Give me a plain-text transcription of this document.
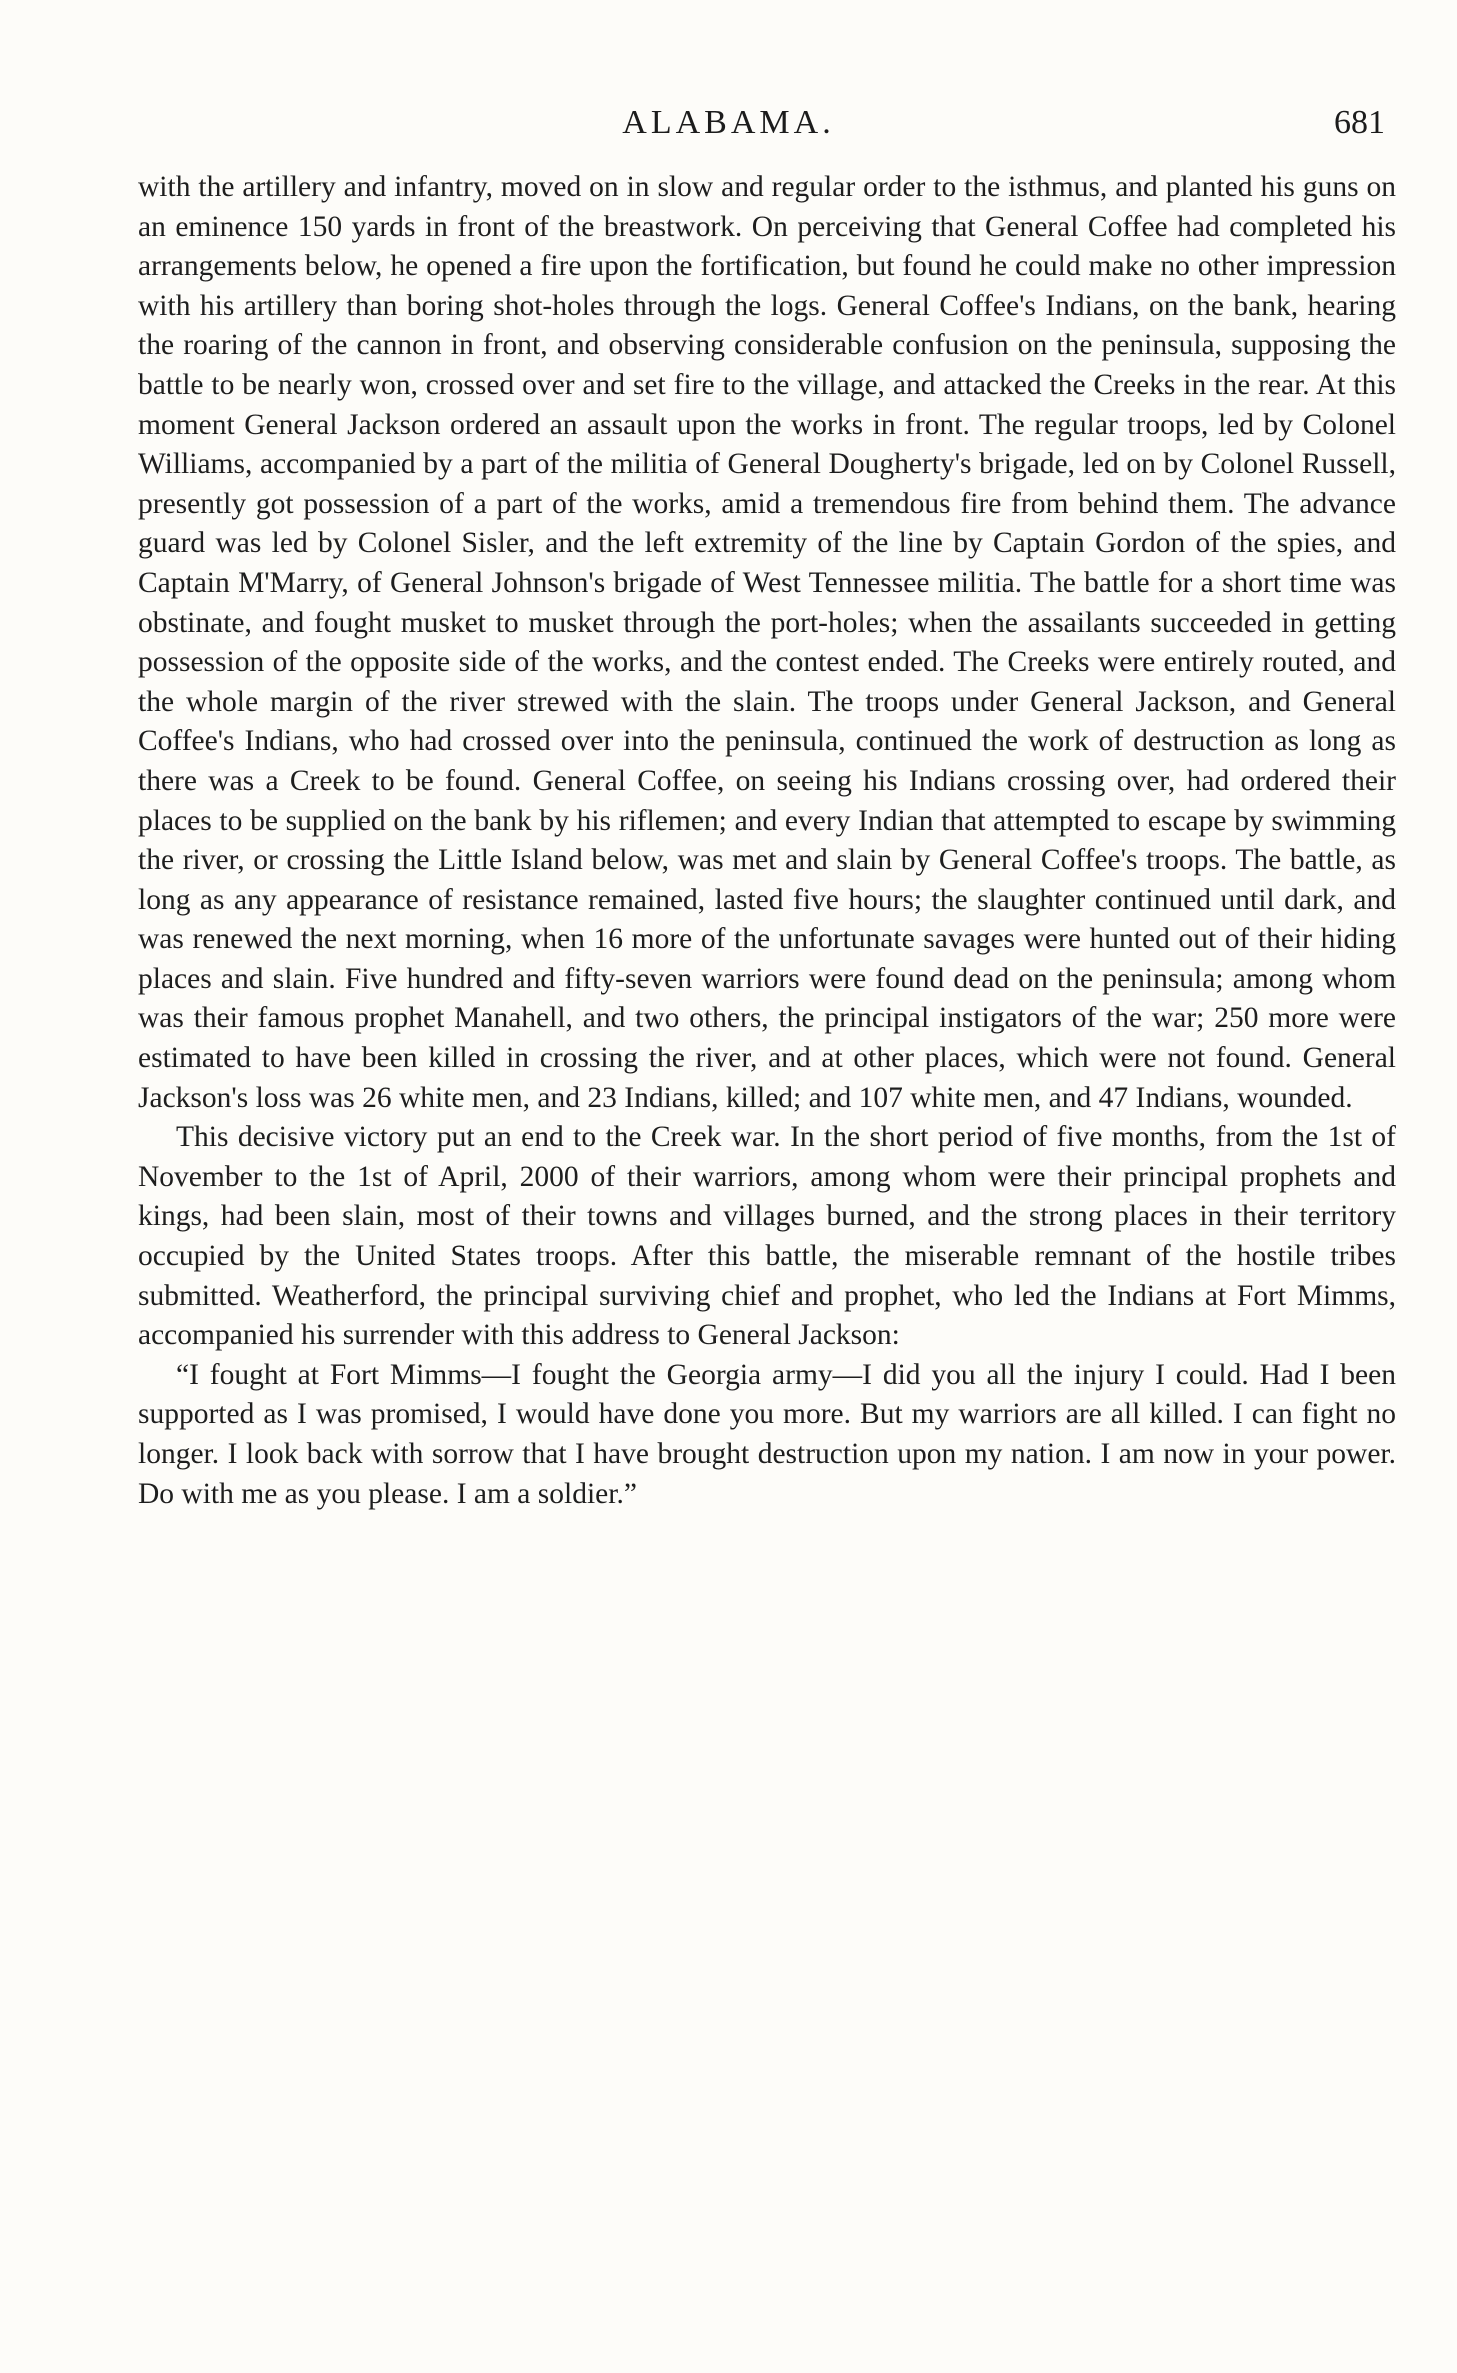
ALABAMA.	681

with the artillery and infantry, moved on in slow and regular order to the isthmus, and planted his guns on an eminence 150 yards in front of the breastwork. On perceiving that General Coffee had completed his arrangements below, he opened a fire upon the fortification, but found he could make no other impression with his artillery than boring shot-holes through the logs. General Coffee's Indians, on the bank, hearing the roaring of the cannon in front, and observing considerable confusion on the peninsula, supposing the battle to be nearly won, crossed over and set fire to the village, and attacked the Creeks in the rear. At this moment General Jackson ordered an assault upon the works in front. The regular troops, led by Colonel Williams, accompanied by a part of the militia of General Dougherty's brigade, led on by Colonel Russell, presently got possession of a part of the works, amid a tremendous fire from behind them. The advance guard was led by Colonel Sisler, and the left extremity of the line by Captain Gordon of the spies, and Captain M'Marry, of General Johnson's brigade of West Tennessee militia. The battle for a short time was obstinate, and fought musket to musket through the port-holes; when the assailants succeeded in getting possession of the opposite side of the works, and the contest ended. The Creeks were entirely routed, and the whole margin of the river strewed with the slain. The troops under General Jackson, and General Coffee's Indians, who had crossed over into the peninsula, continued the work of destruction as long as there was a Creek to be found. General Coffee, on seeing his Indians crossing over, had ordered their places to be supplied on the bank by his riflemen; and every Indian that attempted to escape by swimming the river, or crossing the Little Island below, was met and slain by General Coffee's troops. The battle, as long as any appearance of resistance remained, lasted five hours; the slaughter continued until dark, and was renewed the next morning, when 16 more of the unfortunate savages were hunted out of their hiding places and slain. Five hundred and fifty-seven warriors were found dead on the peninsula; among whom was their famous prophet Manahell, and two others, the principal instigators of the war; 250 more were estimated to have been killed in crossing the river, and at other places, which were not found. General Jackson's loss was 26 white men, and 23 Indians, killed; and 107 white men, and 47 Indians, wounded.

This decisive victory put an end to the Creek war. In the short period of five months, from the 1st of November to the 1st of April, 2000 of their warriors, among whom were their principal prophets and kings, had been slain, most of their towns and villages burned, and the strong places in their territory occupied by the United States troops. After this battle, the miserable remnant of the hostile tribes submitted. Weatherford, the principal surviving chief and prophet, who led the Indians at Fort Mimms, accompanied his surrender with this address to General Jackson:

“I fought at Fort Mimms—I fought the Georgia army—I did you all the injury I could. Had I been supported as I was promised, I would have done you more. But my warriors are all killed. I can fight no longer. I look back with sorrow that I have brought destruction upon my nation. I am now in your power. Do with me as you please. I am a soldier.”
